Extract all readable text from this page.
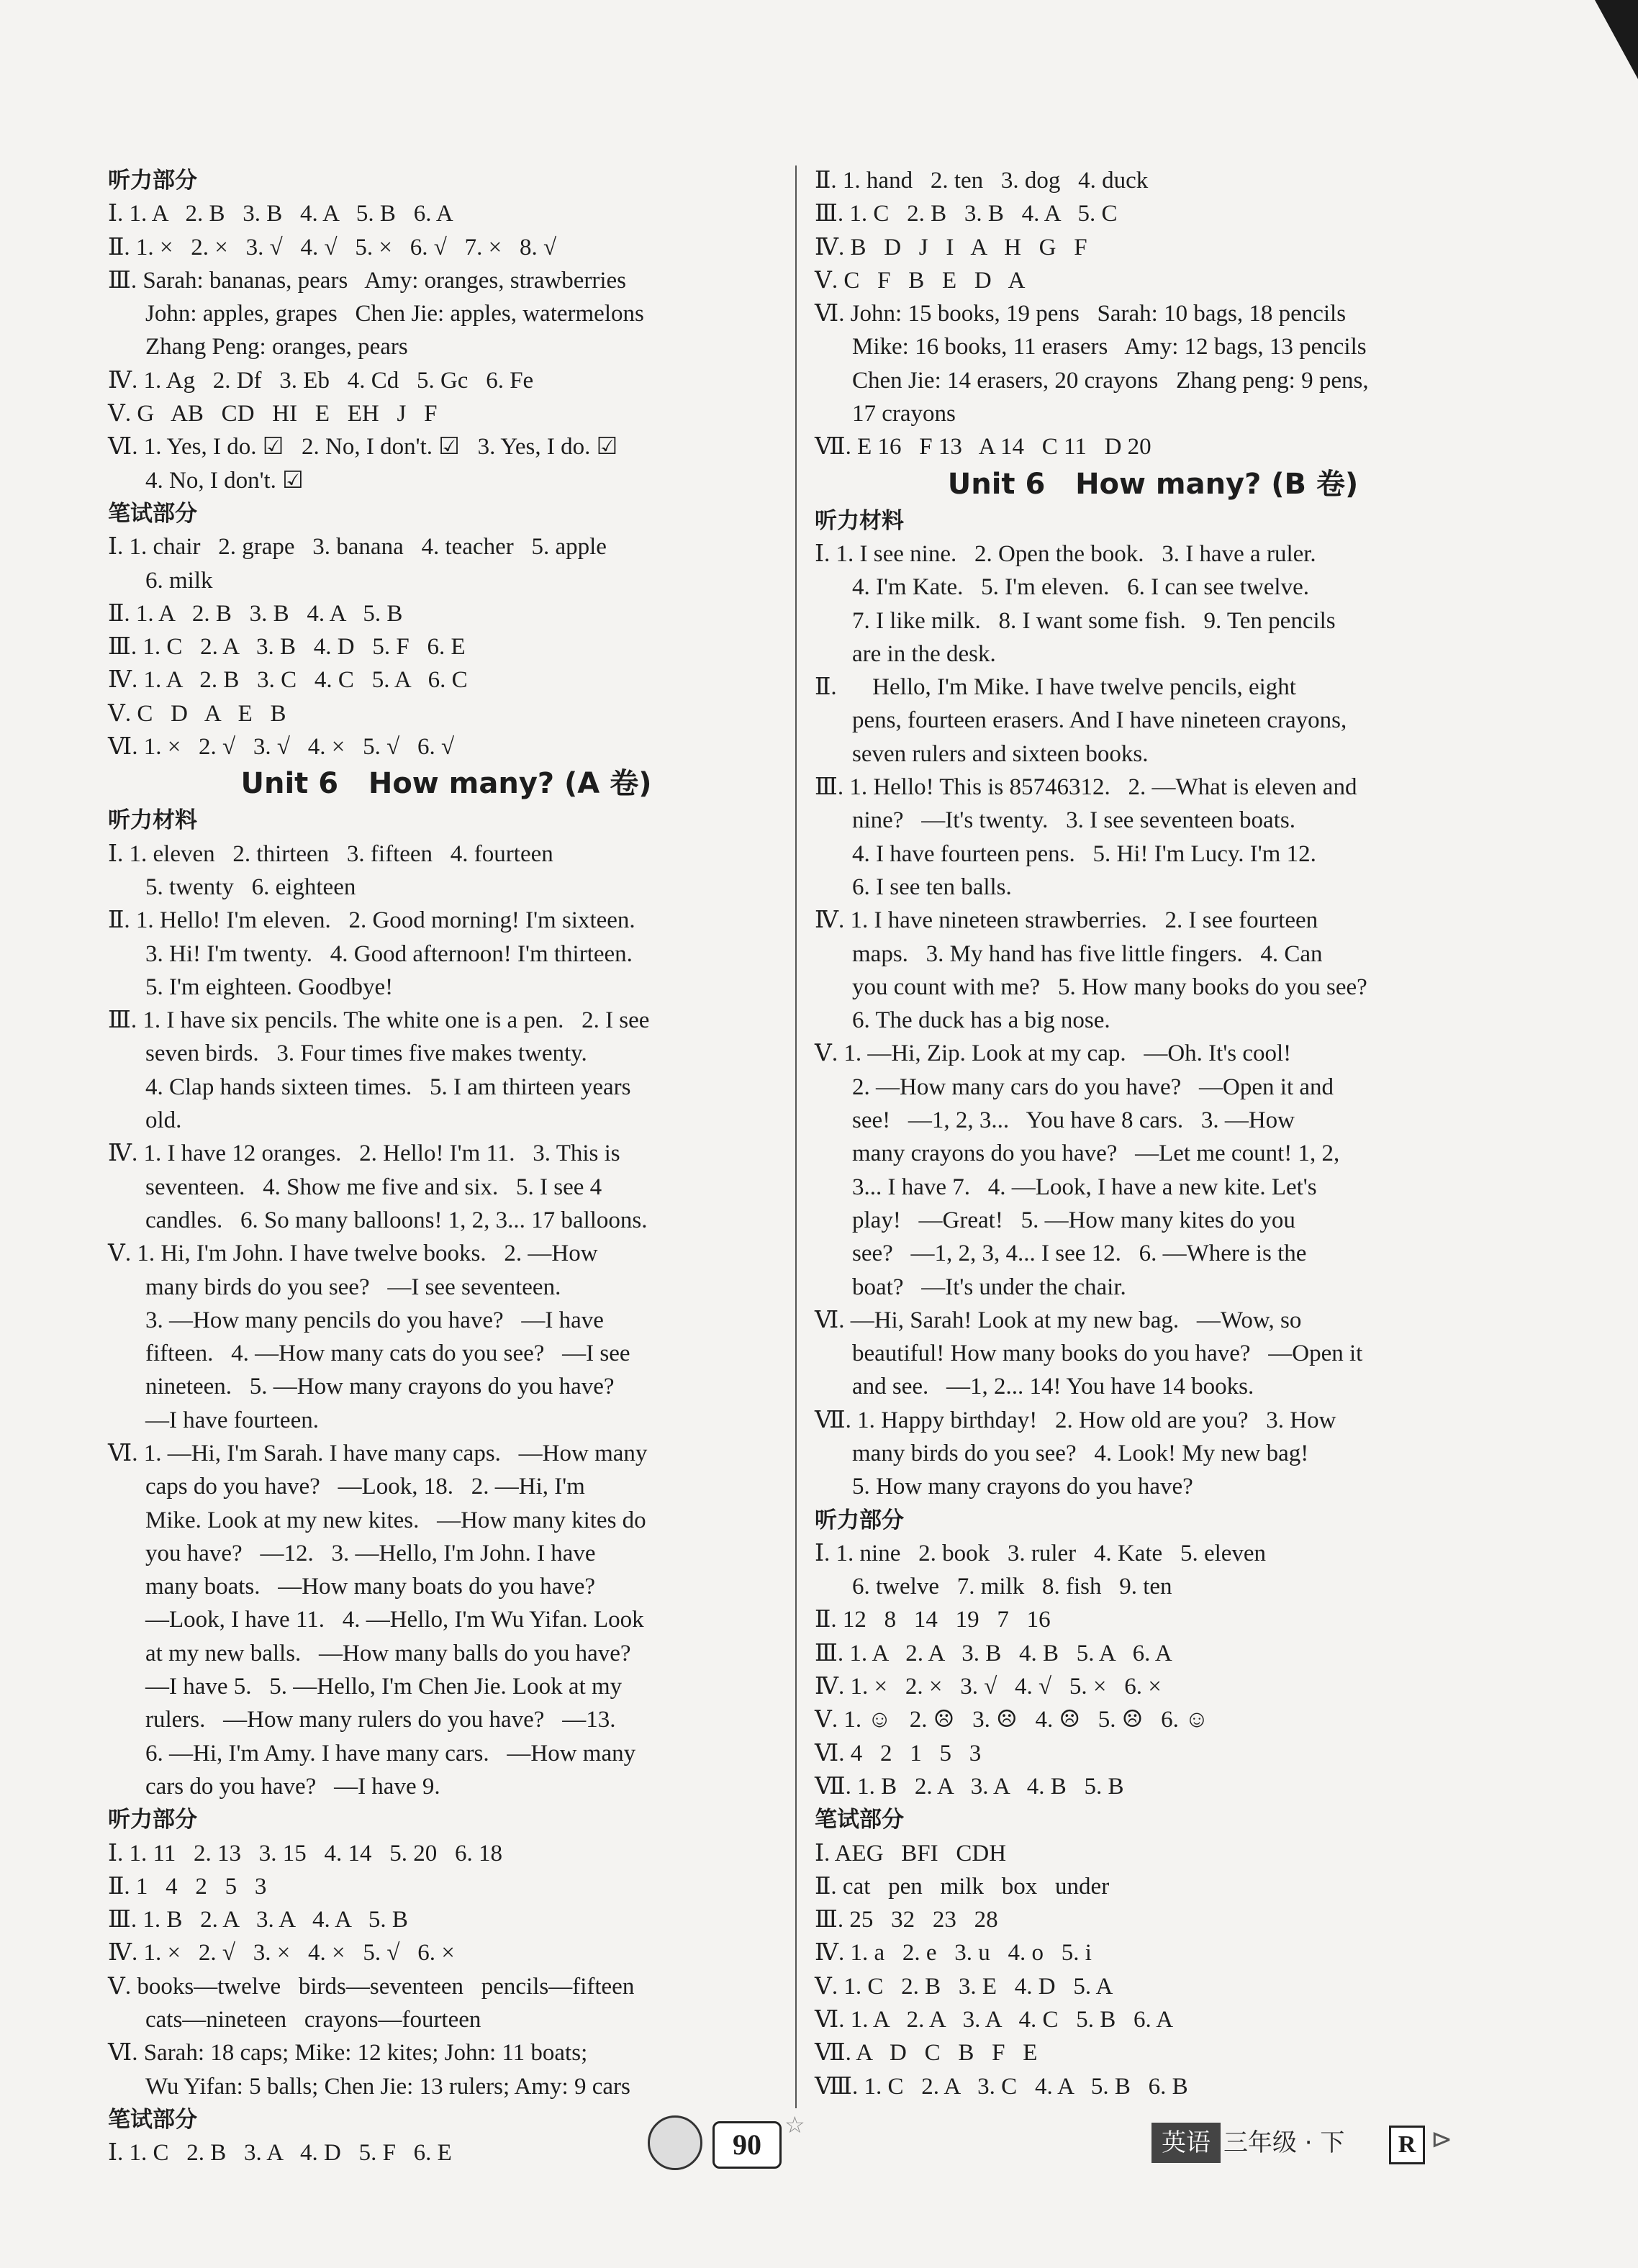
听力部分
Ⅰ. 1. A   2. B   3. B   4. A   5. B   6. A
Ⅱ. 1. ×   2. ×   3. √   4. √   5. ×   6. √   7. ×   8. √
Ⅲ. Sarah: bananas, pears   Amy: oranges, strawberries
John: apples, grapes   Chen Jie: apples, watermelons
Zhang Peng: oranges, pears
Ⅳ. 1. Ag   2. Df   3. Eb   4. Cd   5. Gc   6. Fe
Ⅴ. G   AB   CD   HI   E   EH   J   F
Ⅵ. 1. Yes, I do. ☑   2. No, I don't. ☑   3. Yes, I do. ☑
4. No, I don't. ☑
笔试部分
Ⅰ. 1. chair   2. grape   3. banana   4. teacher   5. apple
6. milk
Ⅱ. 1. A   2. B   3. B   4. A   5. B
Ⅲ. 1. C   2. A   3. B   4. D   5. F   6. E
Ⅳ. 1. A   2. B   3. C   4. C   5. A   6. C
Ⅴ. C   D   A   E   B
Ⅵ. 1. ×   2. √   3. √   4. ×   5. √   6. √
Unit 6   How many? (A 卷)
听力材料
Ⅰ. 1. eleven   2. thirteen   3. fifteen   4. fourteen
5. twenty   6. eighteen
Ⅱ. 1. Hello! I'm eleven.   2. Good morning! I'm sixteen.
3. Hi! I'm twenty.   4. Good afternoon! I'm thirteen.
5. I'm eighteen. Goodbye!
Ⅲ. 1. I have six pencils. The white one is a pen.   2. I see
seven birds.   3. Four times five makes twenty.
4. Clap hands sixteen times.   5. I am thirteen years
old.
Ⅳ. 1. I have 12 oranges.   2. Hello! I'm 11.   3. This is
seventeen.   4. Show me five and six.   5. I see 4
candles.   6. So many balloons! 1, 2, 3... 17 balloons.
Ⅴ. 1. Hi, I'm John. I have twelve books.   2. —How
many birds do you see?   —I see seventeen.
3. —How many pencils do you have?   —I have
fifteen.   4. —How many cats do you see?   —I see
nineteen.   5. —How many crayons do you have?
—I have fourteen.
Ⅵ. 1. —Hi, I'm Sarah. I have many caps.   —How many
caps do you have?   —Look, 18.   2. —Hi, I'm
Mike. Look at my new kites.   —How many kites do
you have?   —12.   3. —Hello, I'm John. I have
many boats.   —How many boats do you have?
—Look, I have 11.   4. —Hello, I'm Wu Yifan. Look
at my new balls.   —How many balls do you have?
—I have 5.   5. —Hello, I'm Chen Jie. Look at my
rulers.   —How many rulers do you have?   —13.
6. —Hi, I'm Amy. I have many cars.   —How many
cars do you have?   —I have 9.
听力部分
Ⅰ. 1. 11   2. 13   3. 15   4. 14   5. 20   6. 18
Ⅱ. 1   4   2   5   3
Ⅲ. 1. B   2. A   3. A   4. A   5. B
Ⅳ. 1. ×   2. √   3. ×   4. ×   5. √   6. ×
Ⅴ. books—twelve   birds—seventeen   pencils—fifteen
cats—nineteen   crayons—fourteen
Ⅵ. Sarah: 18 caps; Mike: 12 kites; John: 11 boats;
Wu Yifan: 5 balls; Chen Jie: 13 rulers; Amy: 9 cars
笔试部分
Ⅰ. 1. C   2. B   3. A   4. D   5. F   6. E
Ⅱ. 1. hand   2. ten   3. dog   4. duck
Ⅲ. 1. C   2. B   3. B   4. A   5. C
Ⅳ. B   D   J   I   A   H   G   F
Ⅴ. C   F   B   E   D   A
Ⅵ. John: 15 books, 19 pens   Sarah: 10 bags, 18 pencils
Mike: 16 books, 11 erasers   Amy: 12 bags, 13 pencils
Chen Jie: 14 erasers, 20 crayons   Zhang peng: 9 pens,
17 crayons
Ⅶ. E 16   F 13   A 14   C 11   D 20
Unit 6   How many? (B 卷)
听力材料
Ⅰ. 1. I see nine.   2. Open the book.   3. I have a ruler.
4. I'm Kate.   5. I'm eleven.   6. I can see twelve.
7. I like milk.   8. I want some fish.   9. Ten pencils
are in the desk.
Ⅱ.      Hello, I'm Mike. I have twelve pencils, eight
pens, fourteen erasers. And I have nineteen crayons,
seven rulers and sixteen books.
Ⅲ. 1. Hello! This is 85746312.   2. —What is eleven and
nine?   —It's twenty.   3. I see seventeen boats.
4. I have fourteen pens.   5. Hi! I'm Lucy. I'm 12.
6. I see ten balls.
Ⅳ. 1. I have nineteen strawberries.   2. I see fourteen
maps.   3. My hand has five little fingers.   4. Can
you count with me?   5. How many books do you see?
6. The duck has a big nose.
Ⅴ. 1. —Hi, Zip. Look at my cap.   —Oh. It's cool!
2. —How many cars do you have?   —Open it and
see!   —1, 2, 3...   You have 8 cars.   3. —How
many crayons do you have?   —Let me count! 1, 2,
3... I have 7.   4. —Look, I have a new kite. Let's
play!   —Great!   5. —How many kites do you
see?   —1, 2, 3, 4... I see 12.   6. —Where is the
boat?   —It's under the chair.
Ⅵ. —Hi, Sarah! Look at my new bag.   —Wow, so
beautiful! How many books do you have?   —Open it
and see.   —1, 2... 14! You have 14 books.
Ⅶ. 1. Happy birthday!   2. How old are you?   3. How
many birds do you see?   4. Look! My new bag!
5. How many crayons do you have?
听力部分
Ⅰ. 1. nine   2. book   3. ruler   4. Kate   5. eleven
6. twelve   7. milk   8. fish   9. ten
Ⅱ. 12   8   14   19   7   16
Ⅲ. 1. A   2. A   3. B   4. B   5. A   6. A
Ⅳ. 1. ×   2. ×   3. √   4. √   5. ×   6. ×
Ⅴ. 1. ☺   2. ☹   3. ☹   4. ☹   5. ☹   6. ☺
Ⅵ. 4   2   1   5   3
Ⅶ. 1. B   2. A   3. A   4. B   5. B
笔试部分
Ⅰ. AEG   BFI   CDH
Ⅱ. cat   pen   milk   box   under
Ⅲ. 25   32   23   28
Ⅳ. 1. a   2. e   3. u   4. o   5. i
Ⅴ. 1. C   2. B   3. E   4. D   5. A
Ⅵ. 1. A   2. A   3. A   4. C   5. B   6. A
Ⅶ. A   D   C   B   F   E
Ⅷ. 1. C   2. A   3. C   4. A   5. B   6. B
90
☆
英语 三年级 · 下	R ⊳
